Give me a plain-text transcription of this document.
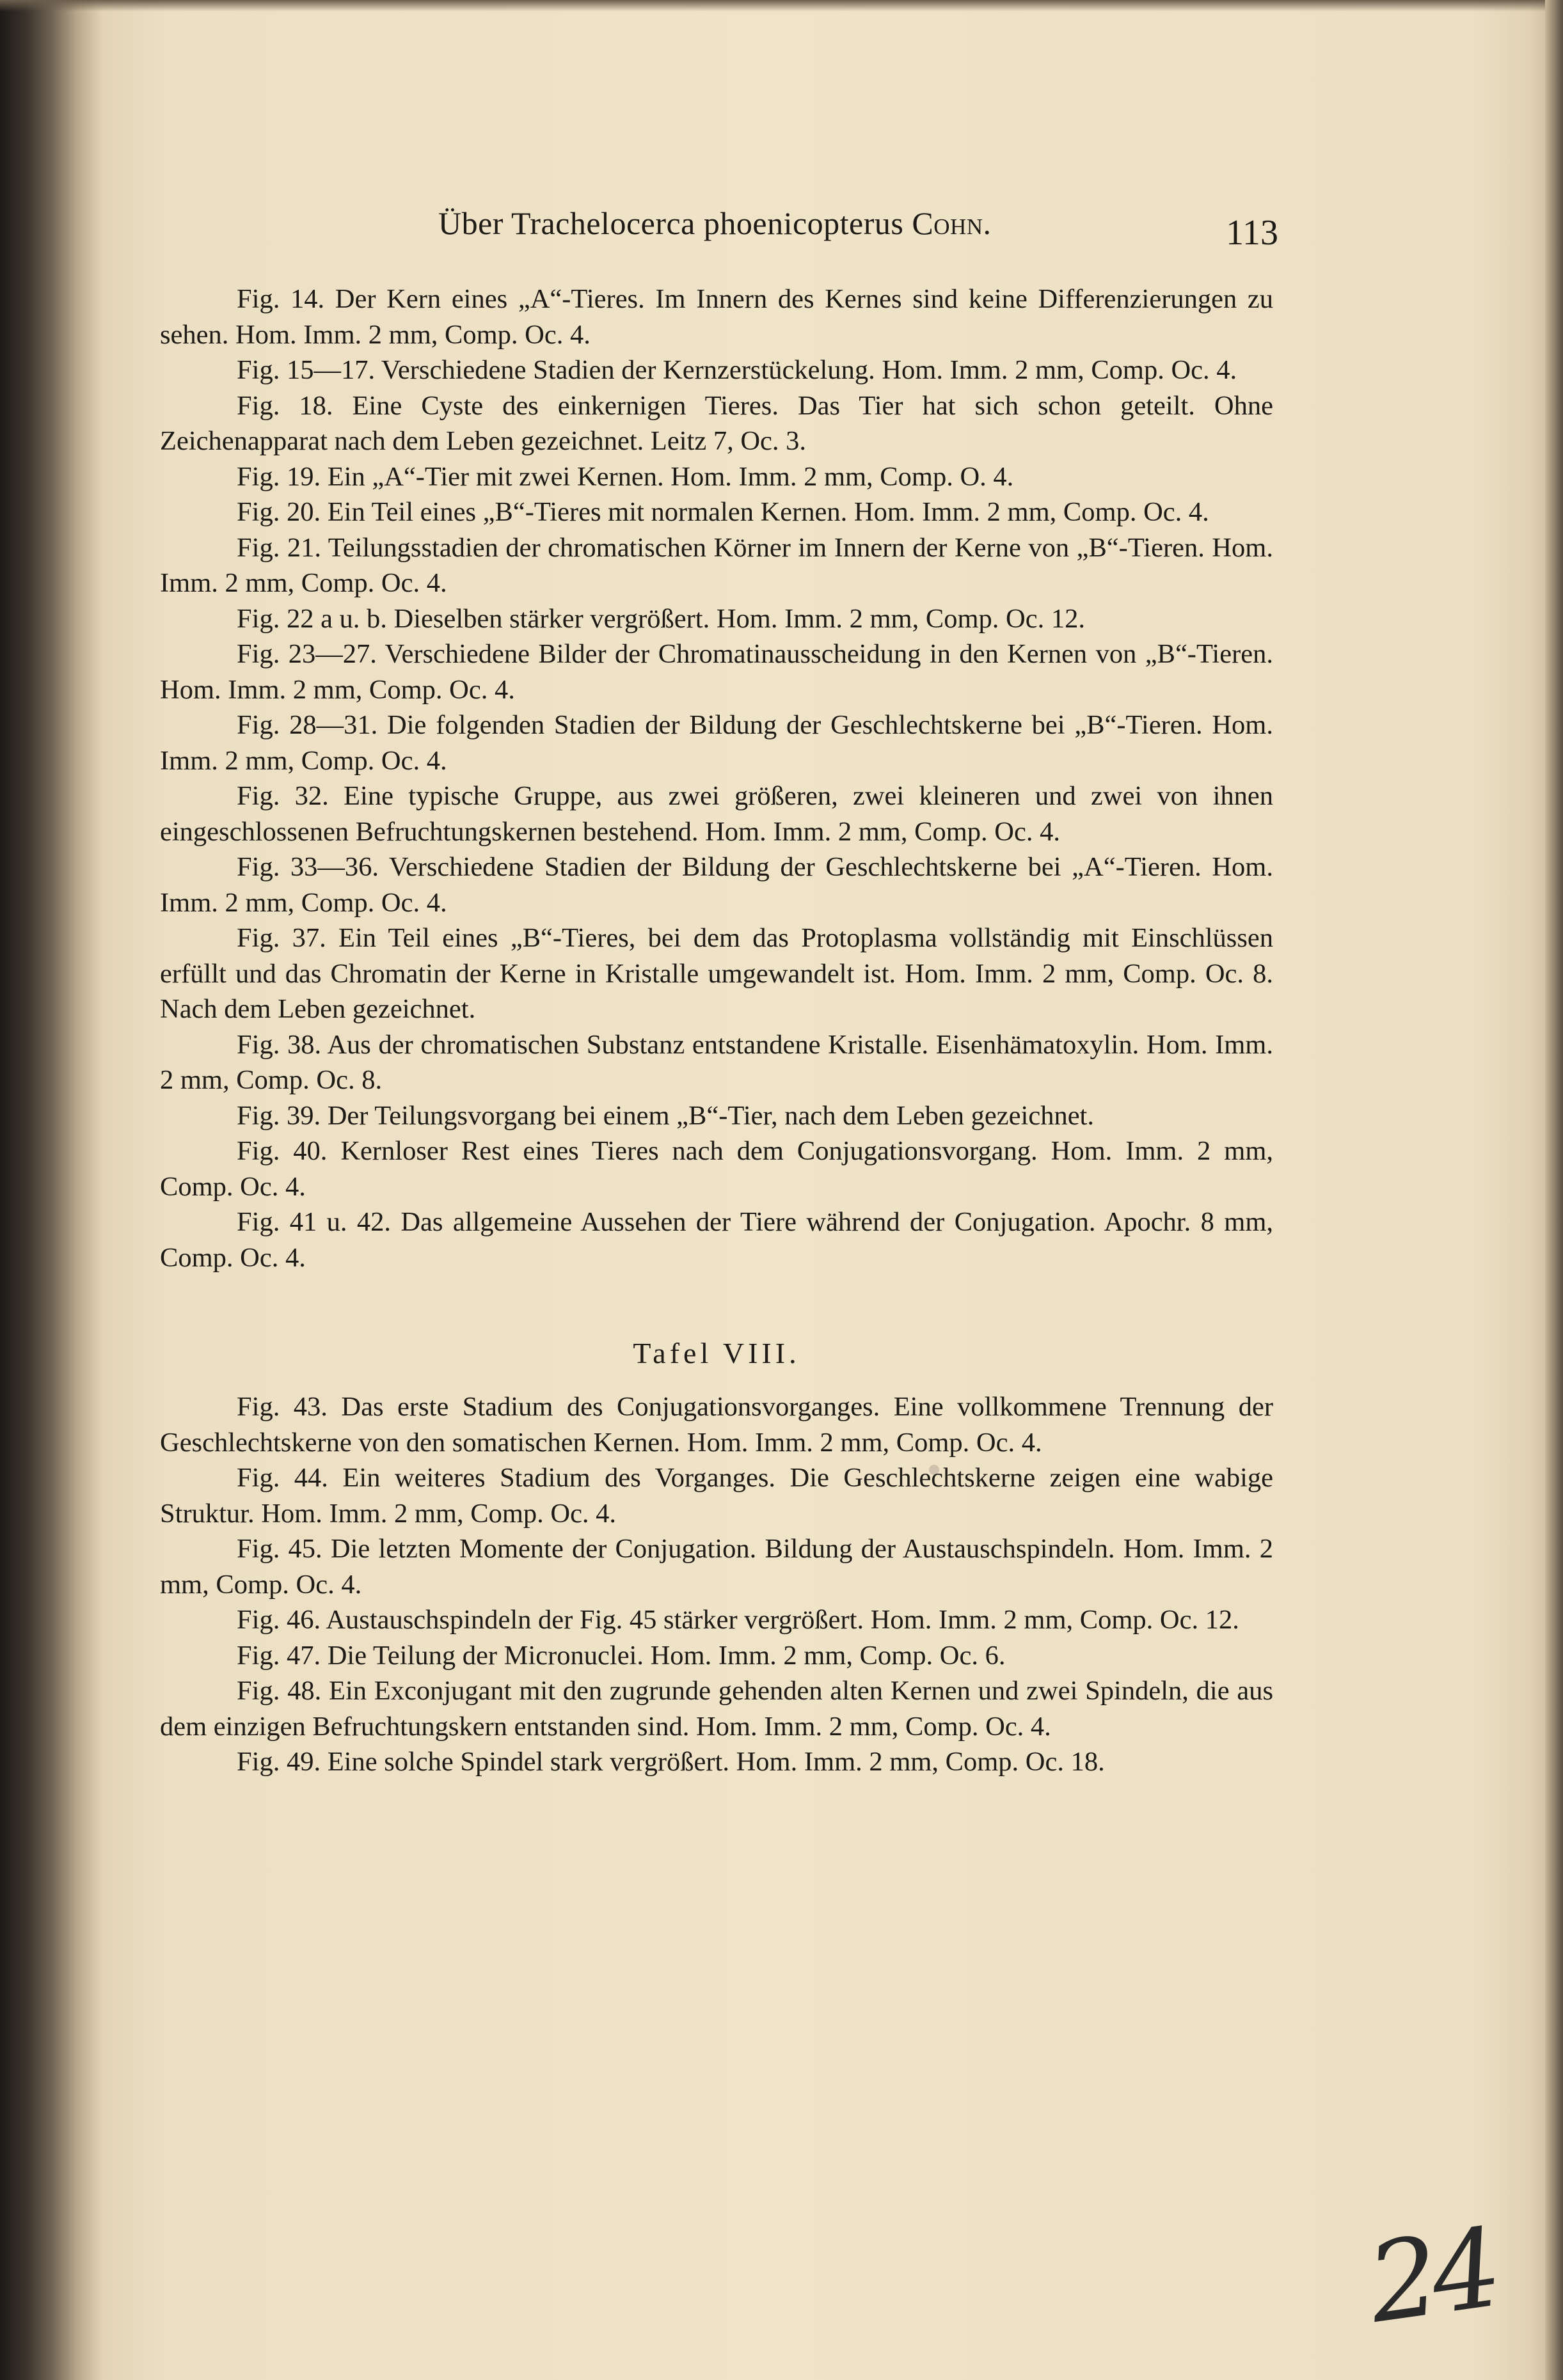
Über Trachelocerca phoenicopterus Cohn.	113

Fig. 14. Der Kern eines „A“-Tieres. Im Innern des Kernes sind keine Differenzierungen zu sehen. Hom. Imm. 2 mm, Comp. Oc. 4.

Fig. 15—17. Verschiedene Stadien der Kernzerstückelung. Hom. Imm. 2 mm, Comp. Oc. 4.

Fig. 18. Eine Cyste des einkernigen Tieres. Das Tier hat sich schon geteilt. Ohne Zeichenapparat nach dem Leben gezeichnet. Leitz 7, Oc. 3.

Fig. 19. Ein „A“-Tier mit zwei Kernen. Hom. Imm. 2 mm, Comp. O. 4.

Fig. 20. Ein Teil eines „B“-Tieres mit normalen Kernen. Hom. Imm. 2 mm, Comp. Oc. 4.

Fig. 21. Teilungsstadien der chromatischen Körner im Innern der Kerne von „B“-Tieren. Hom. Imm. 2 mm, Comp. Oc. 4.

Fig. 22 a u. b. Dieselben stärker vergrößert. Hom. Imm. 2 mm, Comp. Oc. 12.

Fig. 23—27. Verschiedene Bilder der Chromatinausscheidung in den Kernen von „B“-Tieren. Hom. Imm. 2 mm, Comp. Oc. 4.

Fig. 28—31. Die folgenden Stadien der Bildung der Geschlechtskerne bei „B“-Tieren. Hom. Imm. 2 mm, Comp. Oc. 4.

Fig. 32. Eine typische Gruppe, aus zwei größeren, zwei kleineren und zwei von ihnen eingeschlossenen Befruchtungskernen bestehend. Hom. Imm. 2 mm, Comp. Oc. 4.

Fig. 33—36. Verschiedene Stadien der Bildung der Geschlechtskerne bei „A“-Tieren. Hom. Imm. 2 mm, Comp. Oc. 4.

Fig. 37. Ein Teil eines „B“-Tieres, bei dem das Protoplasma vollständig mit Einschlüssen erfüllt und das Chromatin der Kerne in Kristalle umgewandelt ist. Hom. Imm. 2 mm, Comp. Oc. 8. Nach dem Leben gezeichnet.

Fig. 38. Aus der chromatischen Substanz entstandene Kristalle. Eisenhämatoxylin. Hom. Imm. 2 mm, Comp. Oc. 8.

Fig. 39. Der Teilungsvorgang bei einem „B“-Tier, nach dem Leben gezeichnet.

Fig. 40. Kernloser Rest eines Tieres nach dem Conjugationsvorgang. Hom. Imm. 2 mm, Comp. Oc. 4.

Fig. 41 u. 42. Das allgemeine Aussehen der Tiere während der Conjugation. Apochr. 8 mm, Comp. Oc. 4.

Tafel VIII.

Fig. 43. Das erste Stadium des Conjugationsvorganges. Eine vollkommene Trennung der Geschlechtskerne von den somatischen Kernen. Hom. Imm. 2 mm, Comp. Oc. 4.

Fig. 44. Ein weiteres Stadium des Vorganges. Die Geschlechtskerne zeigen eine wabige Struktur. Hom. Imm. 2 mm, Comp. Oc. 4.

Fig. 45. Die letzten Momente der Conjugation. Bildung der Austauschspindeln. Hom. Imm. 2 mm, Comp. Oc. 4.

Fig. 46. Austauschspindeln der Fig. 45 stärker vergrößert. Hom. Imm. 2 mm, Comp. Oc. 12.

Fig. 47. Die Teilung der Micronuclei. Hom. Imm. 2 mm, Comp. Oc. 6.

Fig. 48. Ein Exconjugant mit den zugrunde gehenden alten Kernen und zwei Spindeln, die aus dem einzigen Befruchtungskern entstanden sind. Hom. Imm. 2 mm, Comp. Oc. 4.

Fig. 49. Eine solche Spindel stark vergrößert. Hom. Imm. 2 mm, Comp. Oc. 18.

24
